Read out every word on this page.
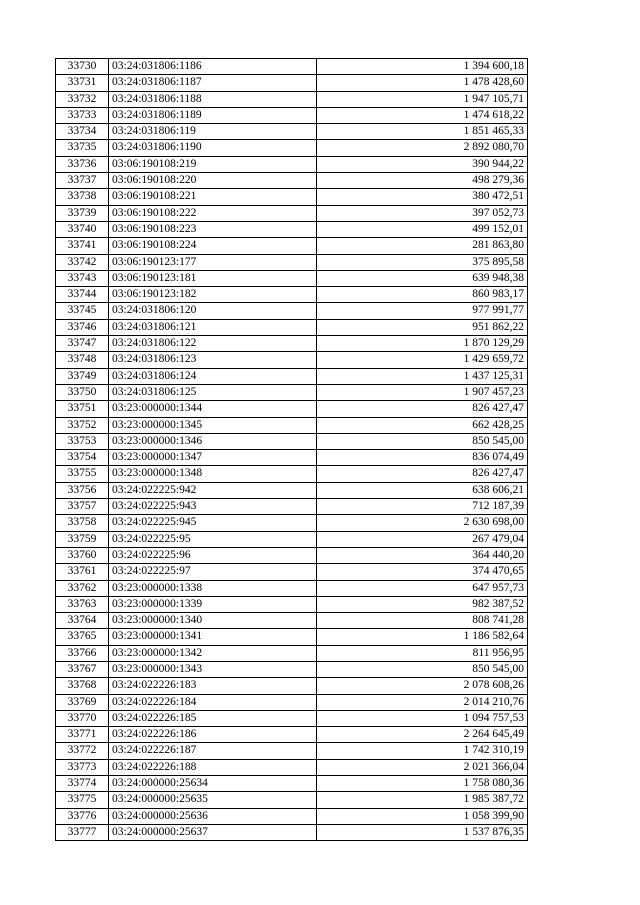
33730	03:24:031806:1186	1 394 600,18
33731	03:24:031806:1187	1 478 428,60
33732	03:24:031806:1188	1 947 105,71
33733	03:24:031806:1189	1 474 618,22
33734	03:24:031806:119	1 851 465,33
33735	03:24:031806:1190	2 892 080,70
33736	03:06:190108:219	390 944,22
33737	03:06:190108:220	498 279,36
33738	03:06:190108:221	380 472,51
33739	03:06:190108:222	397 052,73
33740	03:06:190108:223	499 152,01
33741	03:06:190108:224	281 863,80
33742	03:06:190123:177	375 895,58
33743	03:06:190123:181	639 948,38
33744	03:06:190123:182	860 983,17
33745	03:24:031806:120	977 991,77
33746	03:24:031806:121	951 862,22
33747	03:24:031806:122	1 870 129,29
33748	03:24:031806:123	1 429 659,72
33749	03:24:031806:124	1 437 125,31
33750	03:24:031806:125	1 907 457,23
33751	03:23:000000:1344	826 427,47
33752	03:23:000000:1345	662 428,25
33753	03:23:000000:1346	850 545,00
33754	03:23:000000:1347	836 074,49
33755	03:23:000000:1348	826 427,47
33756	03:24:022225:942	638 606,21
33757	03:24:022225:943	712 187,39
33758	03:24:022225:945	2 630 698,00
33759	03:24:022225:95	267 479,04
33760	03:24:022225:96	364 440,20
33761	03:24:022225:97	374 470,65
33762	03:23:000000:1338	647 957,73
33763	03:23:000000:1339	982 387,52
33764	03:23:000000:1340	808 741,28
33765	03:23:000000:1341	1 186 582,64
33766	03:23:000000:1342	811 956,95
33767	03:23:000000:1343	850 545,00
33768	03:24:022226:183	2 078 608,26
33769	03:24:022226:184	2 014 210,76
33770	03:24:022226:185	1 094 757,53
33771	03:24:022226:186	2 264 645,49
33772	03:24:022226:187	1 742 310,19
33773	03:24:022226:188	2 021 366,04
33774	03:24:000000:25634	1 758 080,36
33775	03:24:000000:25635	1 985 387,72
33776	03:24:000000:25636	1 058 399,90
33777	03:24:000000:25637	1 537 876,35
